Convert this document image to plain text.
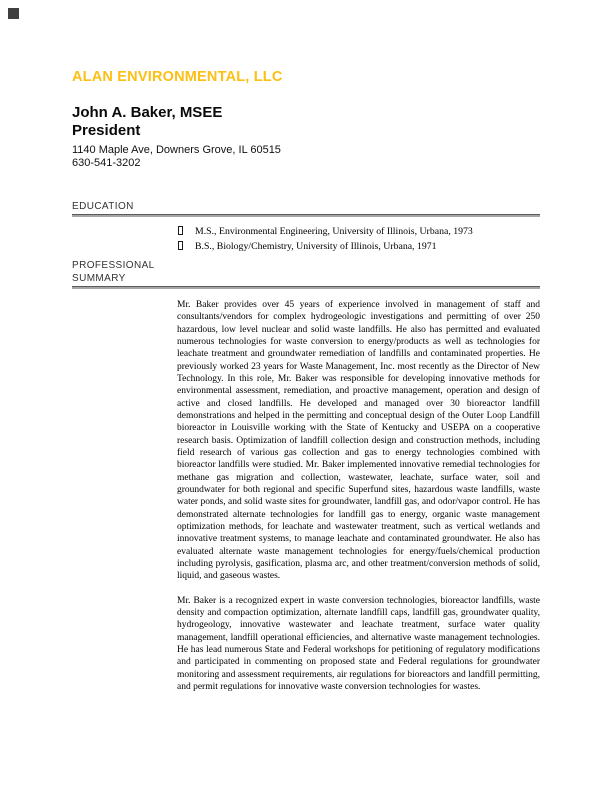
ALAN ENVIRONMENTAL, LLC
John A. Baker, MSEE
President
1140 Maple Ave, Downers Grove, IL 60515
630-541-3202
EDUCATION
M.S., Environmental Engineering, University of Illinois, Urbana, 1973
B.S., Biology/Chemistry, University of Illinois, Urbana, 1971
PROFESSIONAL
SUMMARY
Mr. Baker provides over 45 years of experience involved in management of staff and consultants/vendors for complex hydrogeologic investigations and permitting of over 250 hazardous, low level nuclear and solid waste landfills. He also has permitted and evaluated numerous technologies for waste conversion to energy/products as well as technologies for leachate treatment and groundwater remediation of landfills and contaminated properties. He previously worked 23 years for Waste Management, Inc. most recently as the Director of New Technology. In this role, Mr. Baker was responsible for developing innovative methods for environmental assessment, remediation, and proactive management, operation and design of active and closed landfills. He developed and managed over 30 bioreactor landfill demonstrations and helped in the permitting and conceptual design of the Outer Loop Landfill bioreactor in Louisville working with the State of Kentucky and USEPA on a cooperative research basis. Optimization of landfill collection design and construction methods, including field research of various gas collection and gas to energy technologies combined with bioreactor landfills were studied. Mr. Baker implemented innovative remedial technologies for methane gas migration and collection, wastewater, leachate, surface water, soil and groundwater for both regional and specific Superfund sites, hazardous waste landfills, waste water ponds, and solid waste sites for groundwater, landfill gas, and odor/vapor control. He has demonstrated alternate technologies for landfill gas to energy, organic waste management optimization methods, for leachate and wastewater treatment, such as vertical wetlands and innovative treatment systems, to manage leachate and contaminated groundwater. He also has evaluated alternate waste management technologies for energy/fuels/chemical production including pyrolysis, gasification, plasma arc, and other treatment/conversion methods of solid, liquid, and gaseous wastes.
Mr. Baker is a recognized expert in waste conversion technologies, bioreactor landfills, waste density and compaction optimization, alternate landfill caps, landfill gas, groundwater quality, hydrogeology, innovative wastewater and leachate treatment, surface water quality management, landfill operational efficiencies, and alternative waste management technologies. He has lead numerous State and Federal workshops for petitioning of regulatory modifications and participated in commenting on proposed state and Federal regulations for groundwater monitoring and assessment requirements, air regulations for bioreactors and landfill permitting, and permit regulations for innovative waste conversion technologies for wastes.
